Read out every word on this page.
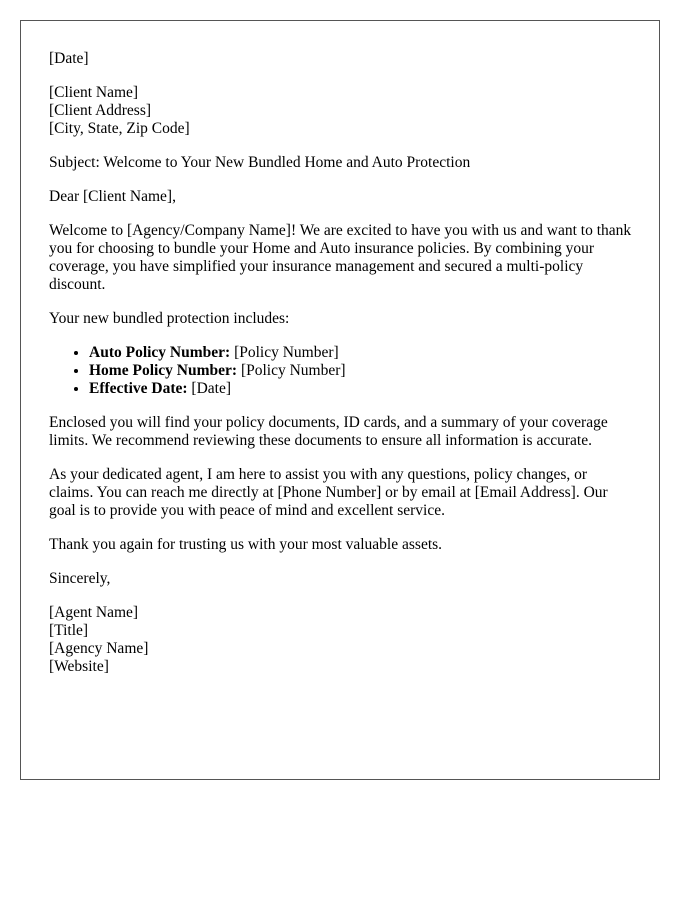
[Date]

[Client Name]
[Client Address]
[City, State, Zip Code]

Subject: Welcome to Your New Bundled Home and Auto Protection

Dear [Client Name],

Welcome to [Agency/Company Name]! We are excited to have you with us and want to thank you for choosing to bundle your Home and Auto insurance policies. By combining your coverage, you have simplified your insurance management and secured a multi-policy discount.

Your new bundled protection includes:

• Auto Policy Number: [Policy Number]
• Home Policy Number: [Policy Number]
• Effective Date: [Date]

Enclosed you will find your policy documents, ID cards, and a summary of your coverage limits. We recommend reviewing these documents to ensure all information is accurate.

As your dedicated agent, I am here to assist you with any questions, policy changes, or claims. You can reach me directly at [Phone Number] or by email at [Email Address]. Our goal is to provide you with peace of mind and excellent service.

Thank you again for trusting us with your most valuable assets.

Sincerely,

[Agent Name]
[Title]
[Agency Name]
[Website]
